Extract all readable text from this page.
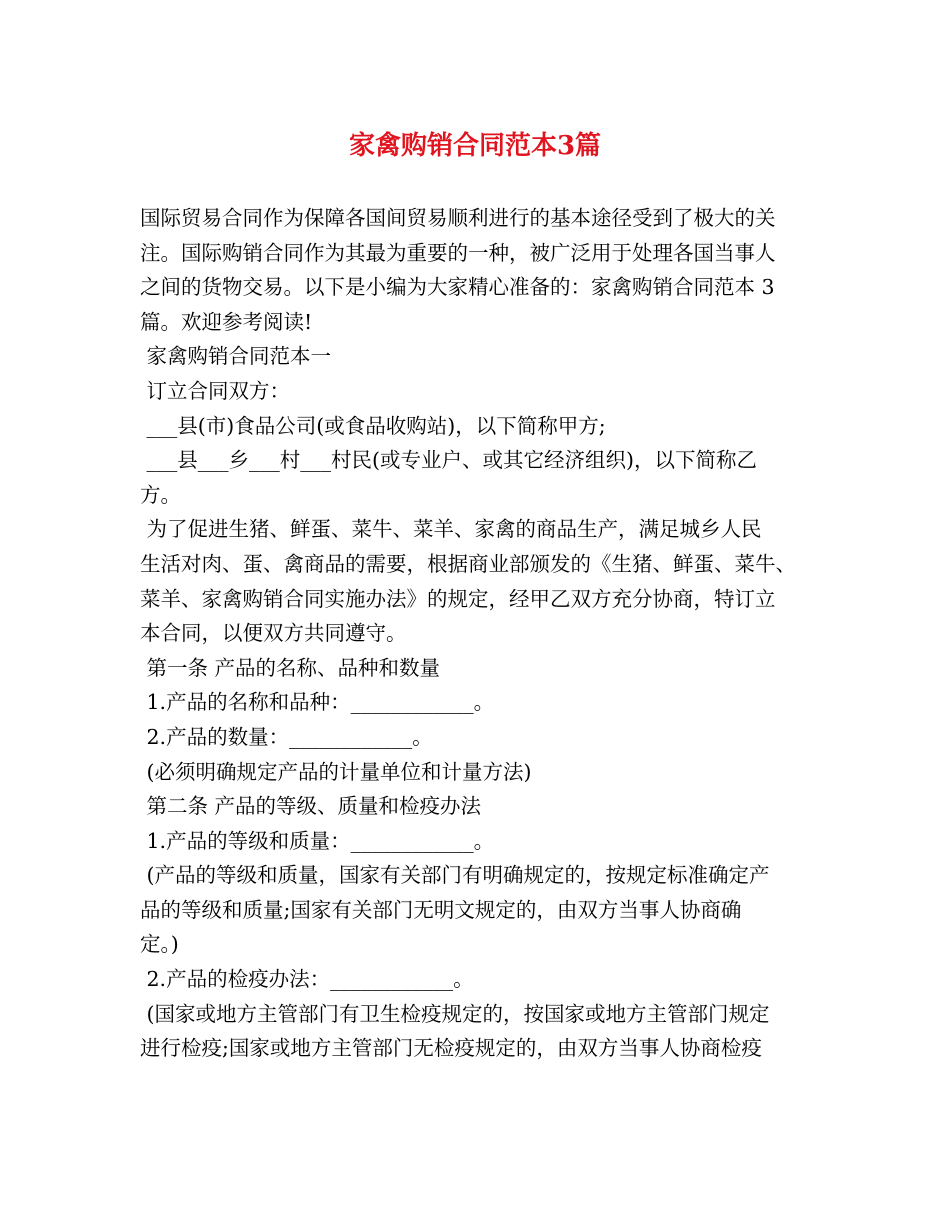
家禽购销合同范本3篇
国际贸易合同作为保障各国间贸易顺利进行的基本途径受到了极大的关
注。国际购销合同作为其最为重要的一种，被广泛用于处理各国当事人
之间的货物交易。以下是小编为大家精心准备的：家禽购销合同范本 3
篇。欢迎参考阅读!
家禽购销合同范本一
订立合同双方：
___县(市)食品公司(或食品收购站)，以下简称甲方;
___县___乡___村___村民(或专业户、或其它经济组织)，以下简称乙
方。
为了促进生猪、鲜蛋、菜牛、菜羊、家禽的商品生产，满足城乡人民
生活对肉、蛋、禽商品的需要，根据商业部颁发的《生猪、鲜蛋、菜牛、
菜羊、家禽购销合同实施办法》的规定，经甲乙双方充分协商，特订立
本合同，以便双方共同遵守。
第一条 产品的名称、品种和数量
1.产品的名称和品种：____________。
2.产品的数量：____________。
(必须明确规定产品的计量单位和计量方法)
第二条 产品的等级、质量和检疫办法
1.产品的等级和质量：____________。
(产品的等级和质量，国家有关部门有明确规定的，按规定标准确定产
品的等级和质量;国家有关部门无明文规定的，由双方当事人协商确
定。)
2.产品的检疫办法：____________。
(国家或地方主管部门有卫生检疫规定的，按国家或地方主管部门规定
进行检疫;国家或地方主管部门无检疫规定的，由双方当事人协商检疫
